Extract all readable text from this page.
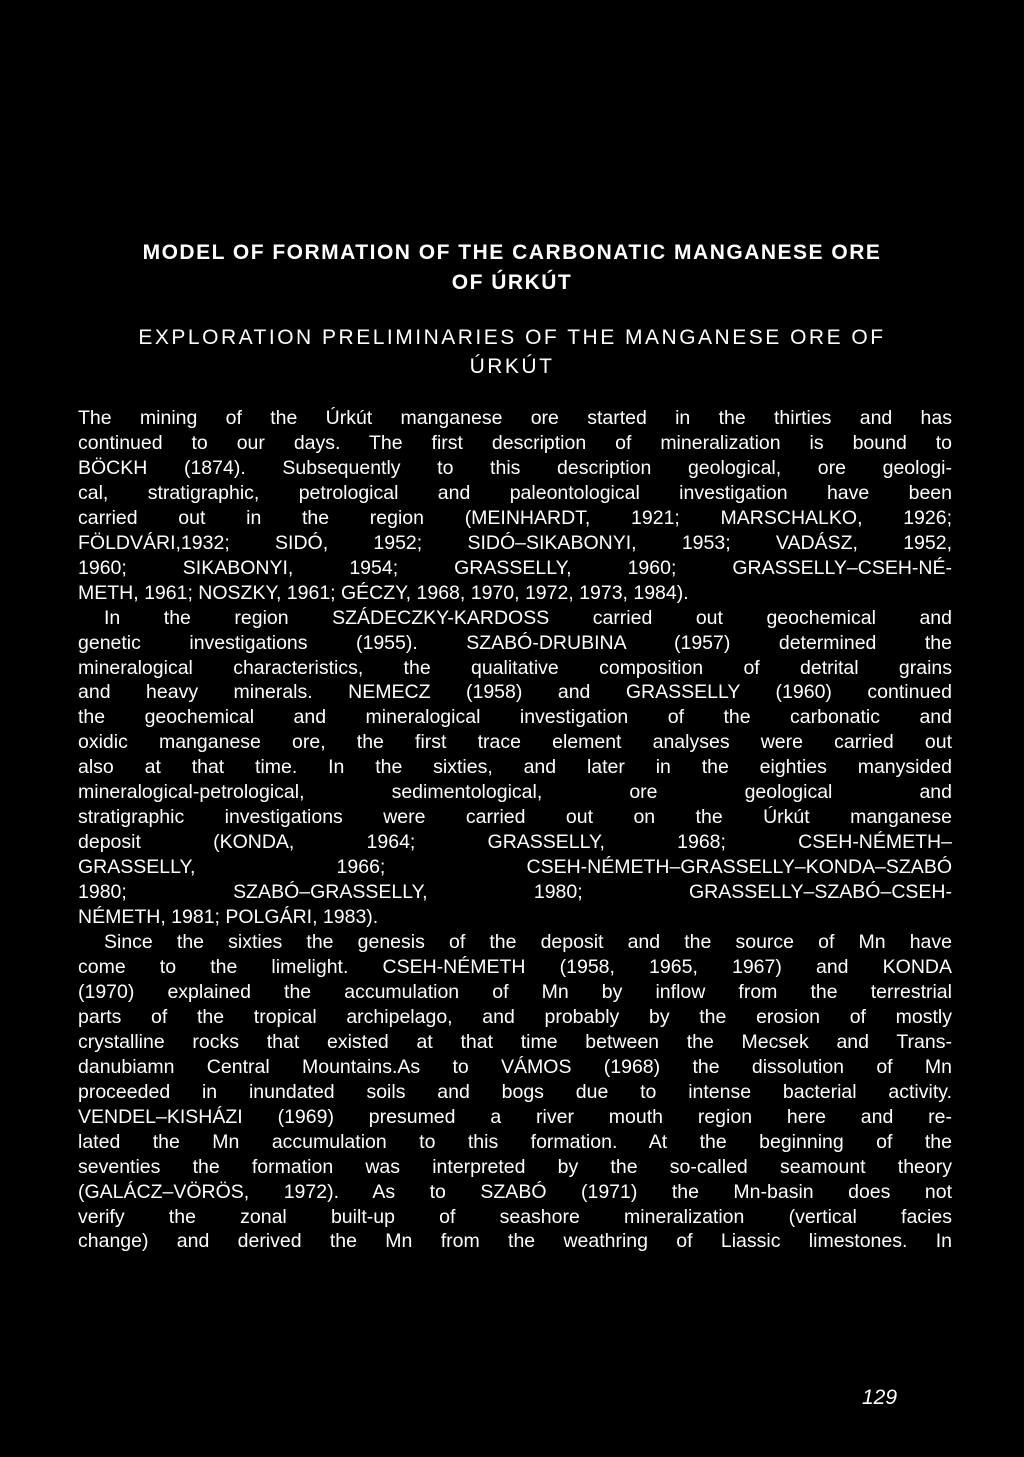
MODEL OF FORMATION OF THE CARBONATIC MANGANESE ORE
OF ÚRKÚT
EXPLORATION PRELIMINARIES OF THE MANGANESE ORE OF
ÚRKÚT
The mining of the Úrkút manganese ore started in the thirties and has
continued to our days. The first description of mineralization is bound to
BÖCKH (1874). Subsequently to this description geological, ore geologi-
cal, stratigraphic, petrological and paleontological investigation have been
carried out in the region (MEINHARDT, 1921; MARSCHALKO, 1926;
FÖLDVÁRI,1932; SIDÓ, 1952; SIDÓ–SIKABONYI, 1953; VADÁSZ, 1952,
1960; SIKABONYI, 1954; GRASSELLY, 1960; GRASSELLY–CSEH-NÉ-
METH, 1961; NOSZKY, 1961; GÉCZY, 1968, 1970, 1972, 1973, 1984).
In the region SZÁDECZKY-KARDOSS carried out geochemical and
genetic investigations (1955). SZABÓ-DRUBINA (1957) determined the
mineralogical characteristics, the qualitative composition of detrital grains
and heavy minerals. NEMECZ (1958) and GRASSELLY (1960) continued
the geochemical and mineralogical investigation of the carbonatic and
oxidic manganese ore, the first trace element analyses were carried out
also at that time. In the sixties, and later in the eighties manysided
mineralogical-petrological, sedimentological, ore geological and
stratigraphic investigations were carried out on the Úrkút manganese
deposit (KONDA, 1964; GRASSELLY, 1968; CSEH-NÉMETH–
GRASSELLY, 1966; CSEH-NÉMETH–GRASSELLY–KONDA–SZABÓ
1980; SZABÓ–GRASSELLY, 1980; GRASSELLY–SZABÓ–CSEH-
NÉMETH, 1981; POLGÁRI, 1983).
Since the sixties the genesis of the deposit and the source of Mn have
come to the limelight. CSEH-NÉMETH (1958, 1965, 1967) and KONDA
(1970) explained the accumulation of Mn by inflow from the terrestrial
parts of the tropical archipelago, and probably by the erosion of mostly
crystalline rocks that existed at that time between the Mecsek and Trans-
danubiamn Central Mountains.As to VÁMOS (1968) the dissolution of Mn
proceeded in inundated soils and bogs due to intense bacterial activity.
VENDEL–KISHÁZI (1969) presumed a river mouth region here and re-
lated the Mn accumulation to this formation. At the beginning of the
seventies the formation was interpreted by the so-called seamount theory
(GALÁCZ–VÖRÖS, 1972). As to SZABÓ (1971) the Mn-basin does not
verify the zonal built-up of seashore mineralization (vertical facies
change) and derived the Mn from the weathring of Liassic limestones. In
129
